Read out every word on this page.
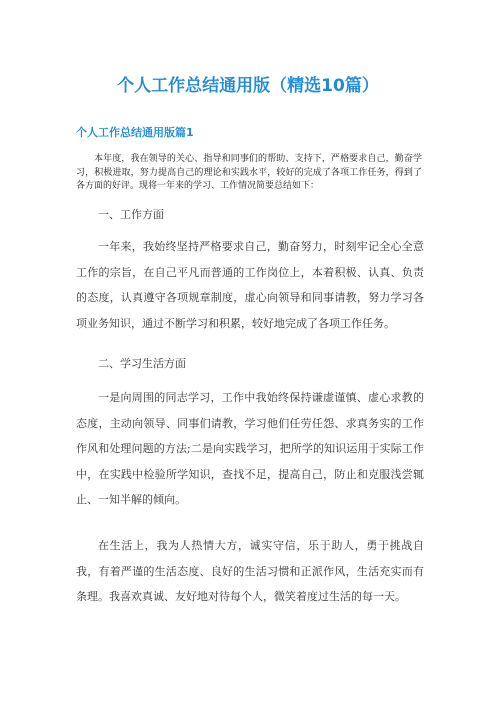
个人工作总结通用版（精选10篇）
个人工作总结通用版篇1

本年度，我在领导的关心、指导和同事们的帮助、支持下，严格要求自己，勤奋学习，积极进取，努力提高自己的理论和实践水平，较好的完成了各项工作任务，得到了各方面的好评。现将一年来的学习、工作情况简要总结如下：

一、工作方面

一年来，我始终坚持严格要求自己，勤奋努力，时刻牢记全心全意工作的宗旨，在自己平凡而普通的工作岗位上，本着积极、认真、负责的态度，认真遵守各项规章制度，虚心向领导和同事请教，努力学习各项业务知识，通过不断学习和积累，较好地完成了各项工作任务。

二、学习生活方面

一是向周围的同志学习，工作中我始终保持谦虚谨慎、虚心求教的态度，主动向领导、同事们请教，学习他们任劳任怨、求真务实的工作作风和处理问题的方法;二是向实践学习，把所学的知识运用于实际工作中，在实践中检验所学知识，查找不足，提高自己，防止和克服浅尝辄止、一知半解的倾向。

在生活上，我为人热情大方，诚实守信，乐于助人，勇于挑战自我，有着严谨的生活态度、良好的生活习惯和正派作风，生活充实而有条理。我喜欢真诚、友好地对待每个人，微笑着度过生活的每一天。
